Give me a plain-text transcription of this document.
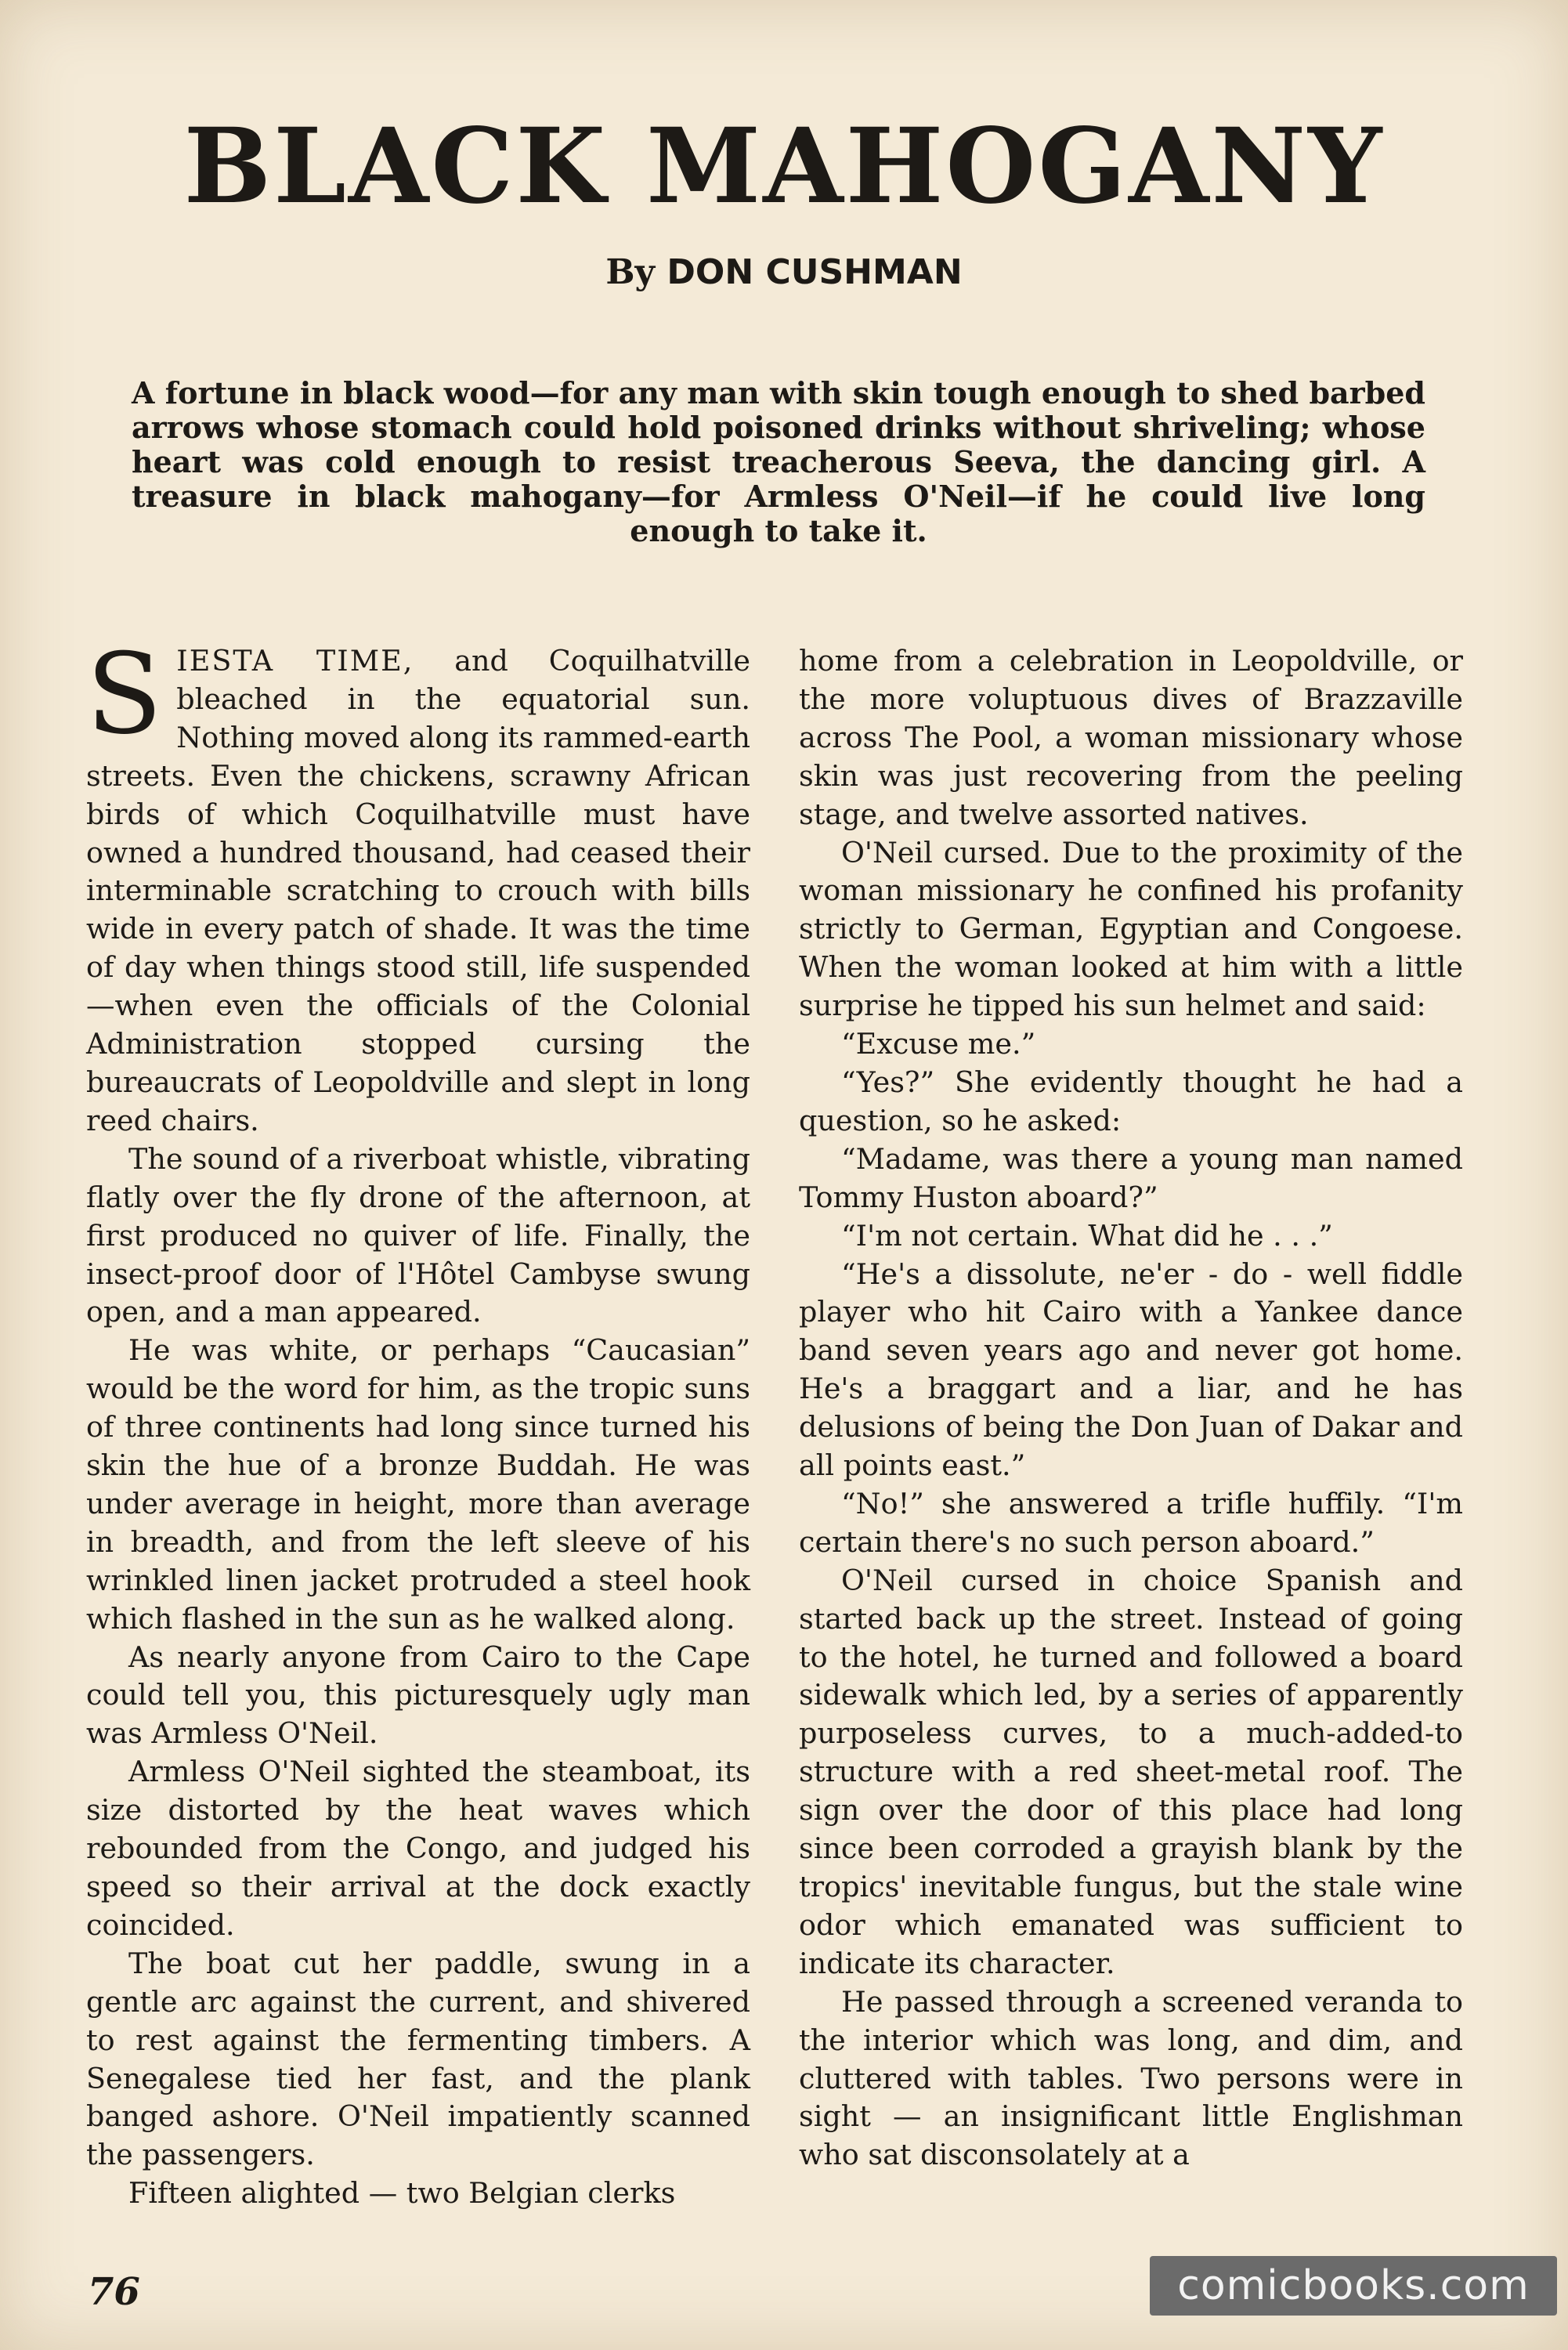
BLACK MAHOGANY
By DON CUSHMAN
A fortune in black wood—for any man with skin tough enough to shed barbed arrows whose stomach could hold poisoned drinks without shriveling; whose heart was cold enough to resist treacherous Seeva, the dancing girl. A treasure in black mahogany—for Armless O'Neil—if he could live long enough to take it.

SIESTA TIME, and Coquilhatville bleached in the equatorial sun. Nothing moved along its rammed-earth streets. Even the chickens, scrawny African birds of which Coquilhatville must have owned a hundred thousand, had ceased their interminable scratching to crouch with bills wide in every patch of shade. It was the time of day when things stood still, life suspended—when even the officials of the Colonial Administration stopped cursing the bureaucrats of Leopoldville and slept in long reed chairs.

The sound of a riverboat whistle, vibrating flatly over the fly drone of the afternoon, at first produced no quiver of life. Finally, the insect-proof door of l'Hôtel Cambyse swung open, and a man appeared.

He was white, or perhaps “Caucasian” would be the word for him, as the tropic suns of three continents had long since turned his skin the hue of a bronze Buddah. He was under average in height, more than average in breadth, and from the left sleeve of his wrinkled linen jacket protruded a steel hook which flashed in the sun as he walked along.

As nearly anyone from Cairo to the Cape could tell you, this picturesquely ugly man was Armless O'Neil.

Armless O'Neil sighted the steamboat, its size distorted by the heat waves which rebounded from the Congo, and judged his speed so their arrival at the dock exactly coincided.

The boat cut her paddle, swung in a gentle arc against the current, and shivered to rest against the fermenting timbers. A Senegalese tied her fast, and the plank banged ashore. O'Neil impatiently scanned the passengers.

Fifteen alighted — two Belgian clerks

home from a celebration in Leopoldville, or the more voluptuous dives of Brazzaville across The Pool, a woman missionary whose skin was just recovering from the peeling stage, and twelve assorted natives.

O'Neil cursed. Due to the proximity of the woman missionary he confined his profanity strictly to German, Egyptian and Congoese. When the woman looked at him with a little surprise he tipped his sun helmet and said:

“Excuse me.”

“Yes?” She evidently thought he had a question, so he asked:

“Madame, was there a young man named Tommy Huston aboard?”

“I'm not certain. What did he . . .”

“He's a dissolute, ne'er - do - well fiddle player who hit Cairo with a Yankee dance band seven years ago and never got home. He's a braggart and a liar, and he has delusions of being the Don Juan of Dakar and all points east.”

“No!” she answered a trifle huffily. “I'm certain there's no such person aboard.”

O'Neil cursed in choice Spanish and started back up the street. Instead of going to the hotel, he turned and followed a board sidewalk which led, by a series of apparently purposeless curves, to a much-added-to structure with a red sheet-metal roof. The sign over the door of this place had long since been corroded a grayish blank by the tropics' inevitable fungus, but the stale wine odor which emanated was sufficient to indicate its character.

He passed through a screened veranda to the interior which was long, and dim, and cluttered with tables. Two persons were in sight — an insignificant little Englishman who sat disconsolately at a

76	comicbooks.com
